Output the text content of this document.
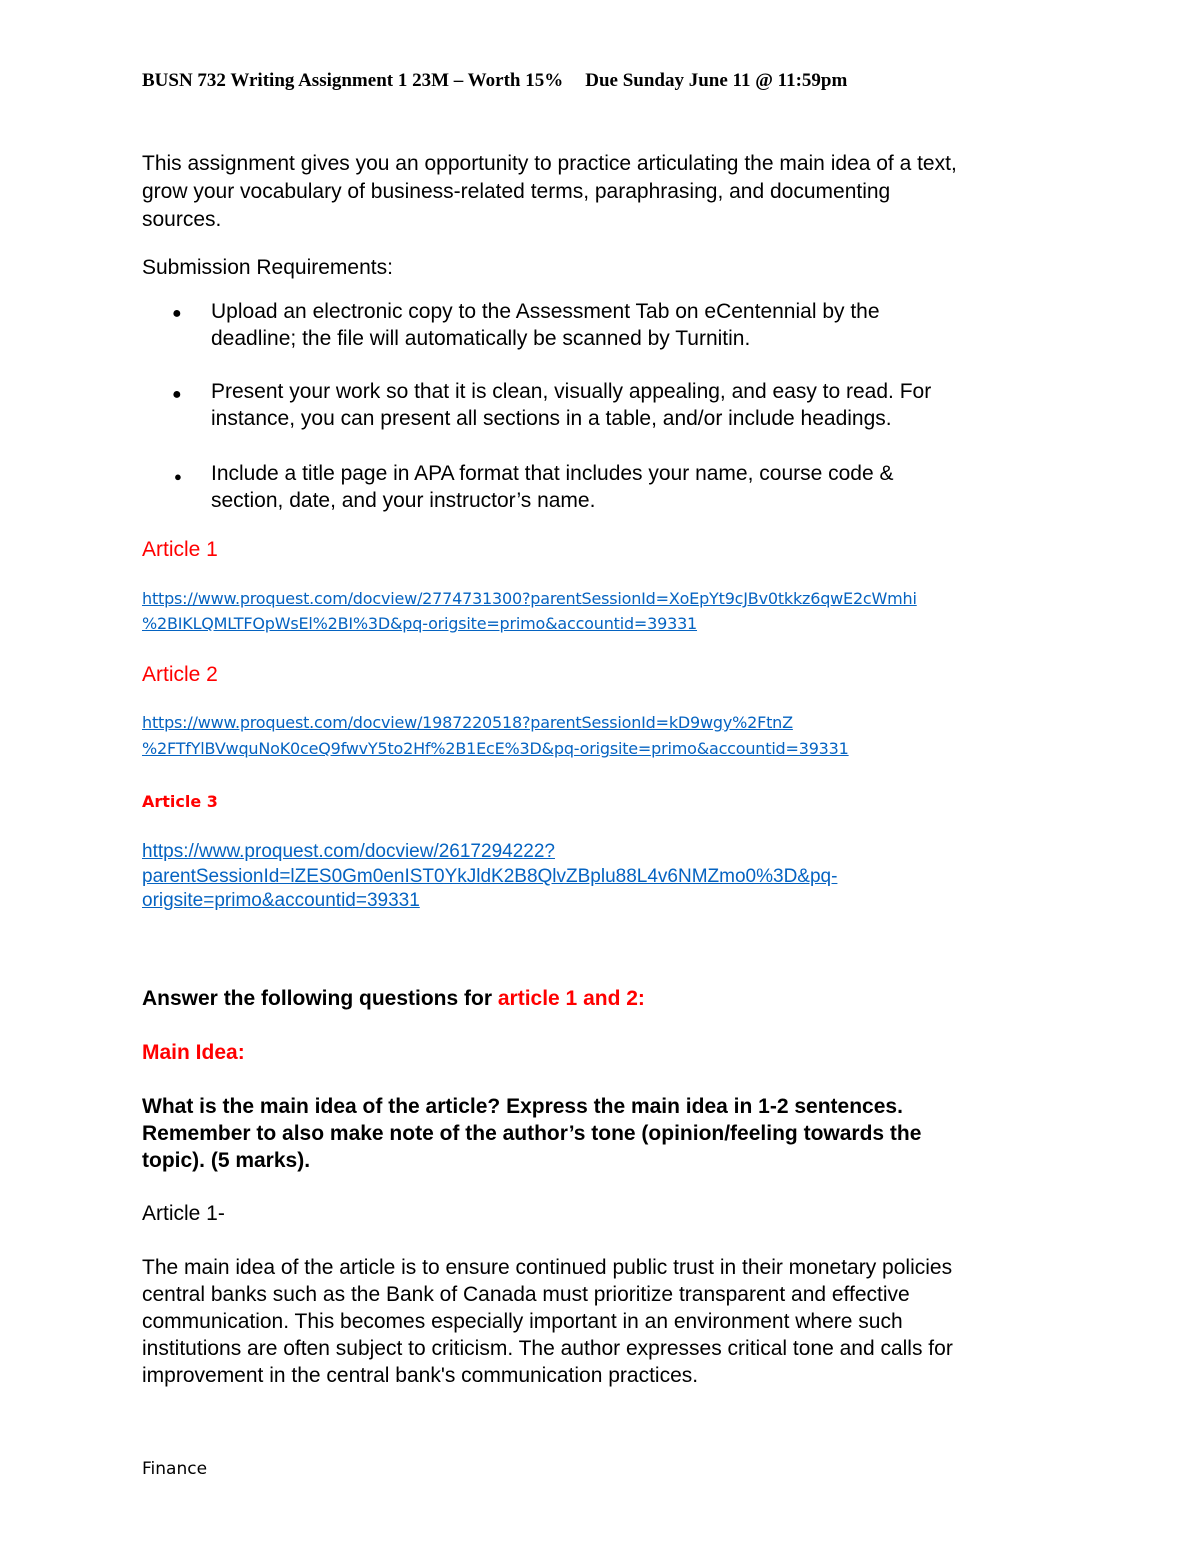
BUSN 732 Writing Assignment 1 23M – Worth 15% Due Sunday June 11 @ 11:59pm
This assignment gives you an opportunity to practice articulating the main idea of a text,
grow your vocabulary of business-related terms, paraphrasing, and documenting
sources.
Submission Requirements:
● Upload an electronic copy to the Assessment Tab on eCentennial by the
deadline; the file will automatically be scanned by Turnitin.
● Present your work so that it is clean, visually appealing, and easy to read. For
instance, you can present all sections in a table, and/or include headings.
● Include a title page in APA format that includes your name, course code &
section, date, and your instructor’s name.
Article 1
https://www.proquest.com/docview/2774731300?parentSessionId=XoEpYt9cJBv0tkkz6qwE2cWmhi
%2BIKLQMLTFOpWsEl%2BI%3D&pq-origsite=primo&accountid=39331
Article 2
https://www.proquest.com/docview/1987220518?parentSessionId=kD9wgy%2FtnZ
%2FTfYlBVwquNoK0ceQ9fwvY5to2Hf%2B1EcE%3D&pq-origsite=primo&accountid=39331
Article 3
https://www.proquest.com/docview/2617294222?
parentSessionId=lZES0Gm0enIST0YkJldK2B8QlvZBplu88L4v6NMZmo0%3D&pq-
origsite=primo&accountid=39331
Answer the following questions for article 1 and 2:
Main Idea:
What is the main idea of the article? Express the main idea in 1-2 sentences.
Remember to also make note of the author’s tone (opinion/feeling towards the
topic). (5 marks).
Article 1-
The main idea of the article is to ensure continued public trust in their monetary policies
central banks such as the Bank of Canada must prioritize transparent and effective
communication. This becomes especially important in an environment where such
institutions are often subject to criticism. The author expresses critical tone and calls for
improvement in the central bank's communication practices.
Finance
